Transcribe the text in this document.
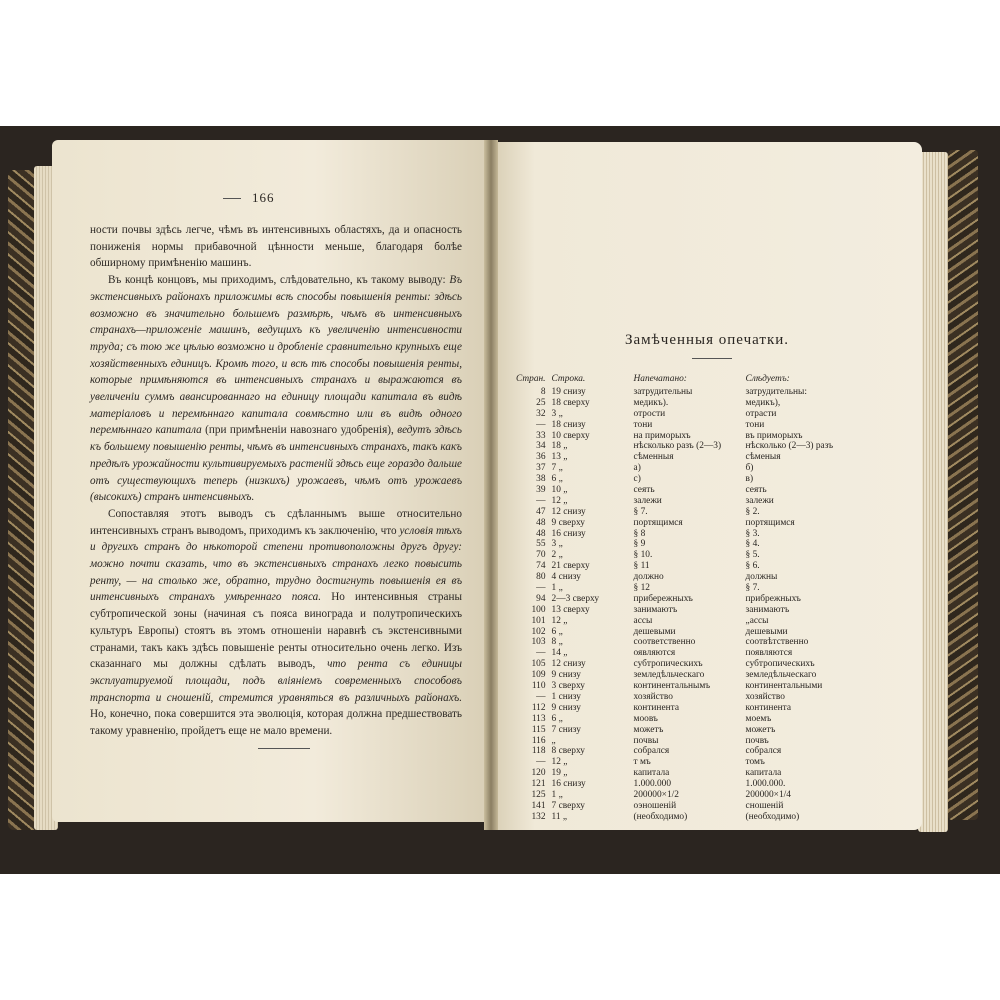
166

ности почвы здѣсь легче, чѣмъ въ интенсивныхъ областяхъ, да и опасность пониженія нормы прибавочной цѣнности меньше, благодаря болѣе обширному примѣненію машинъ.

Въ концѣ концовъ, мы приходимъ, слѣдовательно, къ такому выводу: Въ экстенсивныхъ районахъ приложимы всѣ способы повышенія ренты: здѣсь возможно въ значительно большемъ размѣрѣ, чѣмъ въ интенсивныхъ странахъ—приложеніе машинъ, ведущихъ къ увеличенію интенсивности труда; съ тою же цѣлью возможно и дробленіе сравнительно крупныхъ еще хозяйственныхъ единицъ. Кромѣ того, и всѣ тѣ способы повышенія ренты, которые примѣняются въ интенсивныхъ странахъ и выражаются въ увеличеніи суммъ авансированнаго на единицу площади капитала въ видѣ матеріаловъ и перемѣннаго капитала совмѣстно или въ видѣ одного перемѣннаго капитала (при примѣненіи навознаго удобренія), ведутъ здѣсь къ большему повышенію ренты, чѣмъ въ интенсивныхъ странахъ, такъ какъ предѣлъ урожайности культивируемыхъ растеній здѣсь еще гораздо дальше отъ существующихъ теперь (низкихъ) урожаевъ, чѣмъ отъ урожаевъ (высокихъ) странъ интенсивныхъ.

Сопоставляя этотъ выводъ съ сдѣланнымъ выше относительно интенсивныхъ странъ выводомъ, приходимъ къ заключенію, что условія тѣхъ и другихъ странъ до нѣкоторой степени противоположны другъ другу: можно почти сказать, что въ экстенсивныхъ странахъ легко повысить ренту, — на столько же, обратно, трудно достигнуть повышенія ея въ интенсивныхъ странахъ умѣреннаго пояса. Но интенсивныя страны субтропической зоны (начиная съ пояса винограда и полутропическихъ культуръ Европы) стоятъ въ этомъ отношеніи наравнѣ съ экстенсивными странами, такъ какъ здѣсь повышеніе ренты относительно очень легко. Изъ сказаннаго мы должны сдѣлать выводъ, что рента съ единицы эксплуатируемой площади, подъ вліяніемъ современныхъ способовъ транспорта и сношеній, стремится уравняться въ различныхъ районахъ. Но, конечно, пока совершится эта эволюція, которая должна предшествовать такому уравненію, пройдетъ еще не мало времени.

Замѣченныя опечатки.
Стран.	Строка.	Напечатано:	Слѣдуетъ:
8	19 снизу	затрудительны	затрудительны:
25	18 сверху	медикъ).	медикъ),
32	3 „	отрости	отрасти
—	18 снизу	тони	тони
33	10 сверху	на приморыхъ	въ приморыхъ
34	18 „	нѣсколько разъ (2—3)	нѣсколько (2—3) разъ
36	13 „	сѣменныя	сѣменыя
37	7 „	а)	б)
38	6 „	с)	в)
39	10 „	сеять	сеять
—	12 „	залежи	залежи
47	12 снизу	§ 7.	§ 2.
48	9 сверху	портящимся	портящимся
48	16 снизу	§ 8	§ 3.
55	3 „	§ 9	§ 4.
70	2 „	§ 10.	§ 5.
74	21 сверху	§ 11	§ 6.
80	4 снизу	должно	должны
—	1 „	§ 12	§ 7.
94	2—3 сверху	прибережныхъ	прибрежныхъ
100	13 сверху	занимаютъ	занимаютъ
101	12 „	ассы	„ассы
102	6 „	дешевыми	дешевыми
103	8 „	соответственно	соотвѣтственно
—	14 „	оявляются	появляются
105	12 снизу	субтропическихъ	субтропическихъ
109	9 снизу	земледѣльческаго	земледѣльческаго
110	3 сверху	континентальнымъ	континентальными
—	1 снизу	хозяйство	хозяйство
112	9 снизу	континента	континента
113	6 „	моовъ	моемъ
115	7 снизу	можетъ	можетъ
116	„	почвы	почвъ
118	8 сверху	собрался	собрался
—	12 „	т мъ	томъ
120	19 „	капитала	капитала
121	16 снизу	1.000.000	1.000.000.
125	1 „	200000×1/2	200000×1/4
141	7 сверху	оэношеній	сношеній
132	11 „	(необходимо)	(необходимо)
